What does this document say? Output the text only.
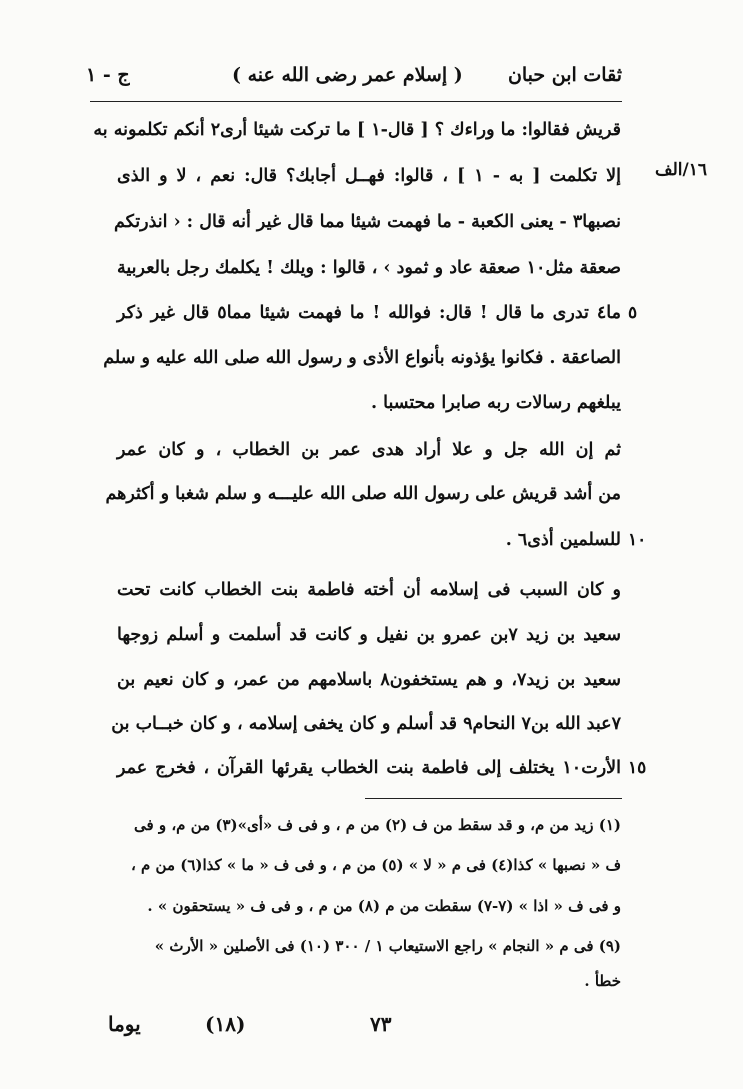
ثقات ابن حبان
( إسلام عمر رضى الله عنه )
ج - ١
١٦/الف
قريش فقالوا: ما وراءك ؟ [ قال-١ ] ما تركت شيئا أرى٢ أنكم تكلمونه به
إلا ‌تكلمت [ به - ١ ] ، قالوا: فهــل أجابك؟ قال: نعم ، لا و الذى
نصبها٣ - يعنى الكعبة - ما فهمت شيئا مما قال غير أنه قال : ‹ انذرتكم
صعقة مثل١٠ صعقة عاد و ثمود › ، قالوا : ويلك ! يكلمك رجل بالعربية
ما٤ تدرى ما قال ! قال: فوالله ! ما فهمت شيئا مما٥ قال غير ذكر ٥
الصاعقة . فكانوا يؤذونه بأنواع الأذى و رسول الله صلى الله عليه و سلم
يبلغهم رسالات ربه صابرا محتسبا .
ثم إن الله جل و علا أراد هدى عمر بن الخطاب ، و كان عمر
من أشد قريش على رسول الله صلى الله عليـــه و سلم شغبا و أكثرهم
للسلمين أذى٦ . ١٠
و كان السبب فى إسلامه أن أخته فاطمة بنت الخطاب كانت تحت
سعيد بن زيد ٧بن عمرو بن نفيل و كانت قد أسلمت و أسلم زوجها
سعيد بن زيد٧، و هم يستخفون٨ باسلامهم من عمر، و كان نعيم بن
٧عبد الله بن٧ النحام٩ قد أسلم و كان يخفى إسلامه ، و كان خبــاب بن
الأرت١٠ يختلف إلى فاطمة بنت الخطاب يقرئها القرآن ، فخرج عمر ١٥
(١) زيد من م، و قد سقط من ف (٢) من م ، و فى ف «أى»(٣) من م، و فى
ف « نصبها » كذا(٤) فى م « لا » (٥) من م ، و فى ف « ما » كذا(٦) من م ،
و فى ف « اذا » (٧-٧) سقطت من م (٨) من م ، و فى ف « يستحقون » .
(٩) فى م « النجام » راجع الاستيعاب ١ / ٣٠٠ (١٠) فى الأصلين « الأرث »
خطأ .
يوما	(١٨)	٧٣
